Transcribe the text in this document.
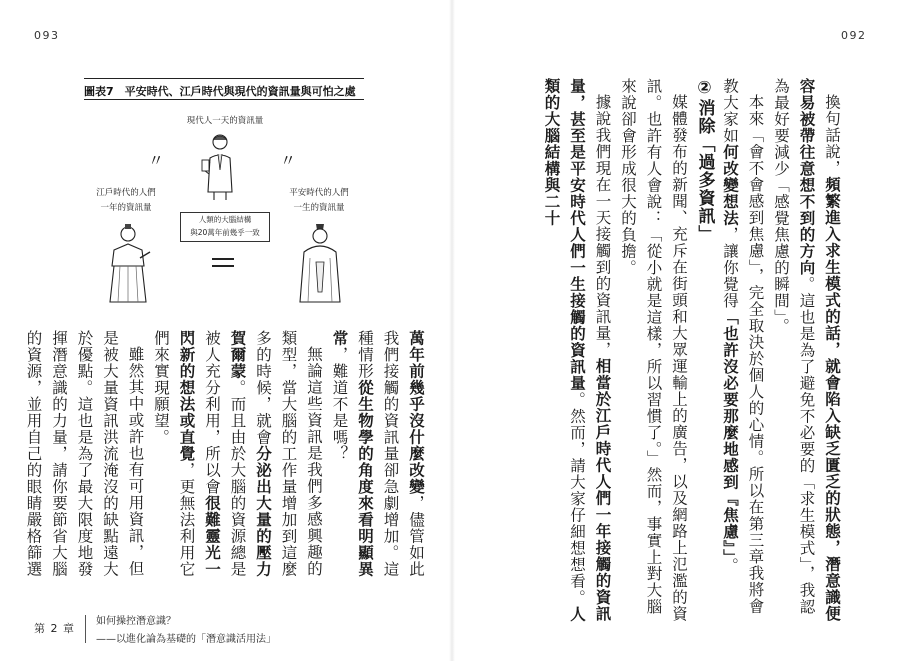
093	092
圖表7　平安時代、江戶時代與現代的資訊量與可怕之處
現代人一天的資訊量
〃	〃
江戶時代的人們
一年的資訊量
平安時代的人們
一生的資訊量
人類的大腦結構
與20萬年前幾乎一致

萬年前幾乎沒什麼改變，儘管如此我們接觸的資訊量卻急劇增加。這種情形從生物學的角度來看明顯異常，難道不是嗎？

無論這些資訊是我們多感興趣的類型，當大腦的工作量增加到這麼多的時候，就會分泌出大量的壓力賀爾蒙。而且由於大腦的資源總是被人充分利用，所以會很難靈光一閃新的想法或直覺，更無法利用它們來實現願望。

雖然其中或許也有可用資訊，但是被大量資訊洪流淹沒的缺點遠大於優點。這也是為了最大限度地發揮潛意識的力量，請你要節省大腦的資源，並用自己的眼睛嚴格篩選

換句話說，頻繁進入求生模式的話，就會陷入缺乏匱乏的狀態，潛意識便容易被帶往意想不到的方向。這也是為了避免不必要的「求生模式」，我認為最好要減少「感覺焦慮的瞬間」。

本來「會不會感到焦慮」，完全取決於個人的心情。所以在第三章我將會教大家如何改變想法，讓你覺得「也許沒必要那麼地感到『焦慮』」。

②消除「過多資訊」

媒體發布的新聞、充斥在街頭和大眾運輸上的廣告，以及網路上氾濫的資訊。也許有人會說：「從小就是這樣，所以習慣了。」然而，事實上對大腦來說卻會形成很大的負擔。

據說我們現在一天接觸到的資訊量，相當於江戶時代人們一年接觸的資訊量，甚至是平安時代人們一生接觸的資訊量。然而，請大家仔細想想看。人類的大腦結構與二十

第 2 章
如何操控潛意識？
——以進化論為基礎的「潛意識活用法」
